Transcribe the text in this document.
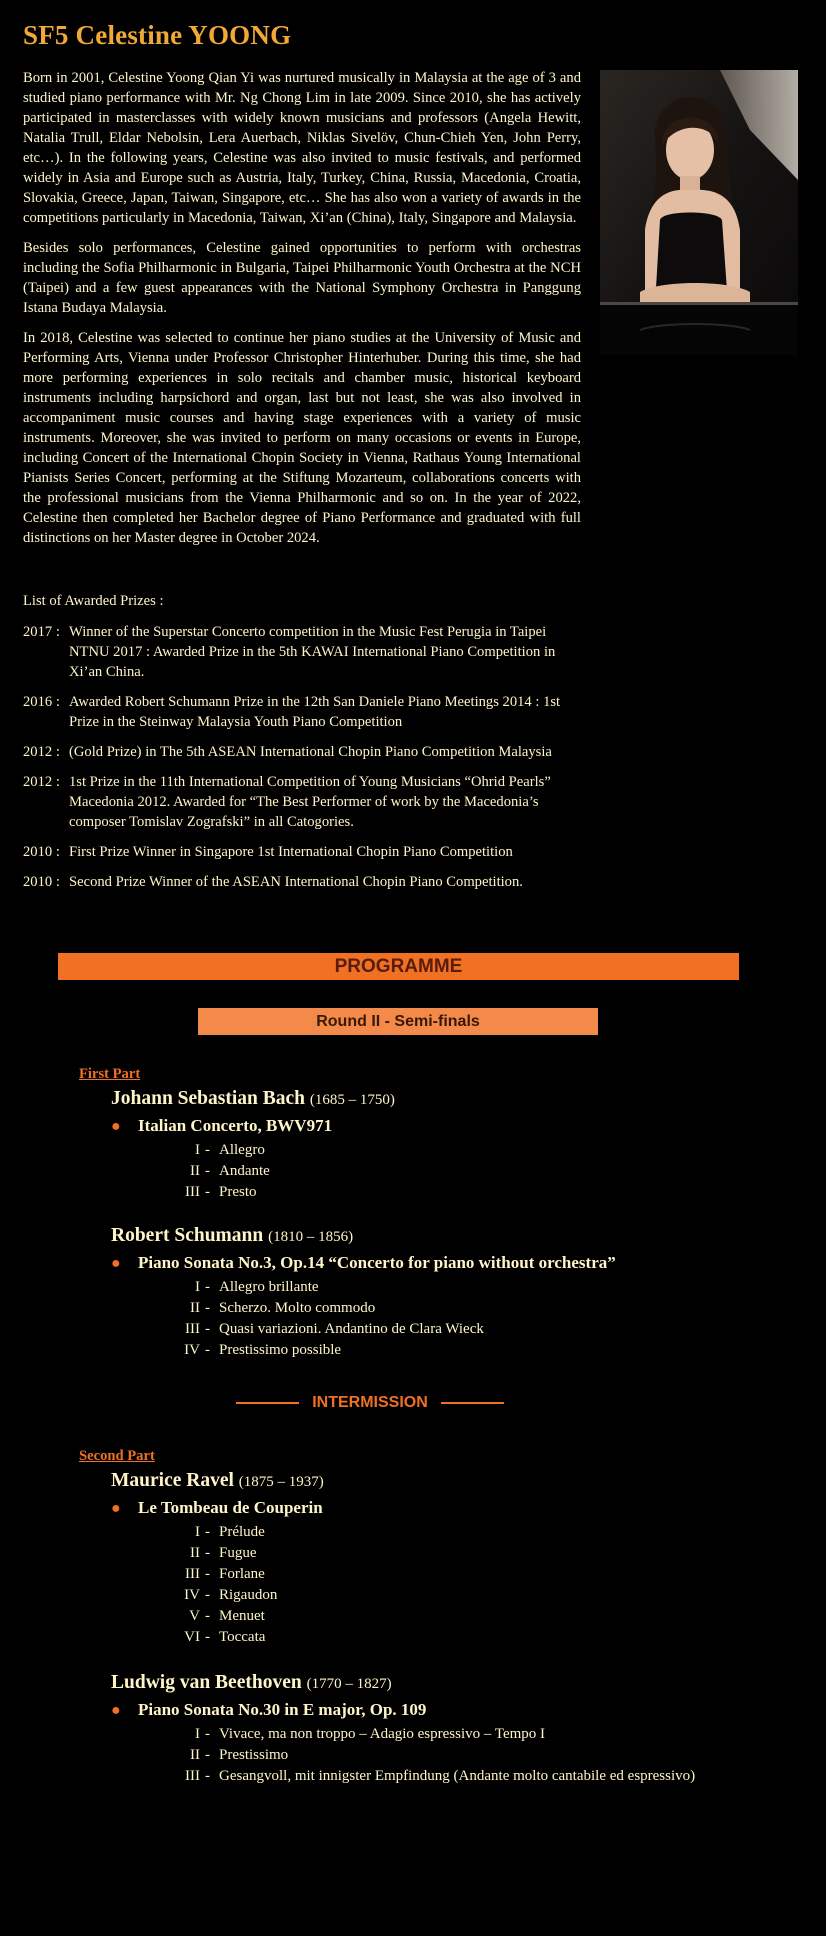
SF5 Celestine YOONG

Born in 2001, Celestine Yoong Qian Yi was nurtured musically in Malaysia at the age of 3 and studied piano performance with Mr. Ng Chong Lim in late 2009. Since 2010, she has actively participated in masterclasses with widely known musicians and professors (Angela Hewitt, Natalia Trull, Eldar Nebolsin, Lera Auerbach, Niklas Sivelöv, Chun-Chieh Yen, John Perry, etc…). In the following years, Celestine was also invited to music festivals, and performed widely in Asia and Europe such as Austria, Italy, Turkey, China, Russia, Macedonia, Croatia, Slovakia, Greece, Japan, Taiwan, Singapore, etc… She has also won a variety of awards in the competitions particularly in Macedonia, Taiwan, Xi’an (China), Italy, Singapore and Malaysia.

Besides solo performances, Celestine gained opportunities to perform with orchestras including the Sofia Philharmonic in Bulgaria, Taipei Philharmonic Youth Orchestra at the NCH (Taipei) and a few guest appearances with the National Symphony Orchestra in Panggung Istana Budaya Malaysia.

In 2018, Celestine was selected to continue her piano studies at the University of Music and Performing Arts, Vienna under Professor Christopher Hinterhuber. During this time, she had more performing experiences in solo recitals and chamber music, historical keyboard instruments including harpsichord and organ, last but not least, she was also involved in accompaniment music courses and having stage experiences with a variety of music instruments. Moreover, she was invited to perform on many occasions or events in Europe, including Concert of the International Chopin Society in Vienna, Rathaus Young International Pianists Series Concert, performing at the Stiftung Mozarteum, collaborations concerts with the professional musicians from the Vienna Philharmonic and so on. In the year of 2022, Celestine then completed her Bachelor degree of Piano Performance and graduated with full distinctions on her Master degree in October 2024.

List of Awarded Prizes :

2017 : Winner of the Superstar Concerto competition in the Music Fest Perugia in Taipei NTNU 2017 : Awarded Prize in the 5th KAWAI International Piano Competition in Xi’an China.
2016 : Awarded Robert Schumann Prize in the 12th San Daniele Piano Meetings 2014 : 1st Prize in the Steinway Malaysia Youth Piano Competition
2012 : (Gold Prize) in The 5th ASEAN International Chopin Piano Competition Malaysia
2012 : 1st Prize in the 11th International Competition of Young Musicians “Ohrid Pearls” Macedonia 2012. Awarded for “The Best Performer of work by the Macedonia’s composer Tomislav Zografski” in all Catogories.
2010 : First Prize Winner in Singapore 1st International Chopin Piano Competition
2010 : Second Prize Winner of the ASEAN International Chopin Piano Competition.
PROGRAMME
Round II - Semi-finals
First Part
Johann Sebastian Bach (1685 – 1750)
● Italian Concerto, BWV971
I - Allegro
II - Andante
III - Presto
Robert Schumann (1810 – 1856)
● Piano Sonata No.3, Op.14 “Concerto for piano without orchestra”
I - Allegro brillante
II - Scherzo. Molto commodo
III - Quasi variazioni. Andantino de Clara Wieck
IV - Prestissimo possible
INTERMISSION
Second Part
Maurice Ravel (1875 – 1937)
● Le Tombeau de Couperin
I - Prélude
II - Fugue
III - Forlane
IV - Rigaudon
V - Menuet
VI - Toccata
Ludwig van Beethoven (1770 – 1827)
● Piano Sonata No.30 in E major, Op. 109
I - Vivace, ma non troppo – Adagio espressivo – Tempo I
II - Prestissimo
III - Gesangvoll, mit innigster Empfindung (Andante molto cantabile ed espressivo)
